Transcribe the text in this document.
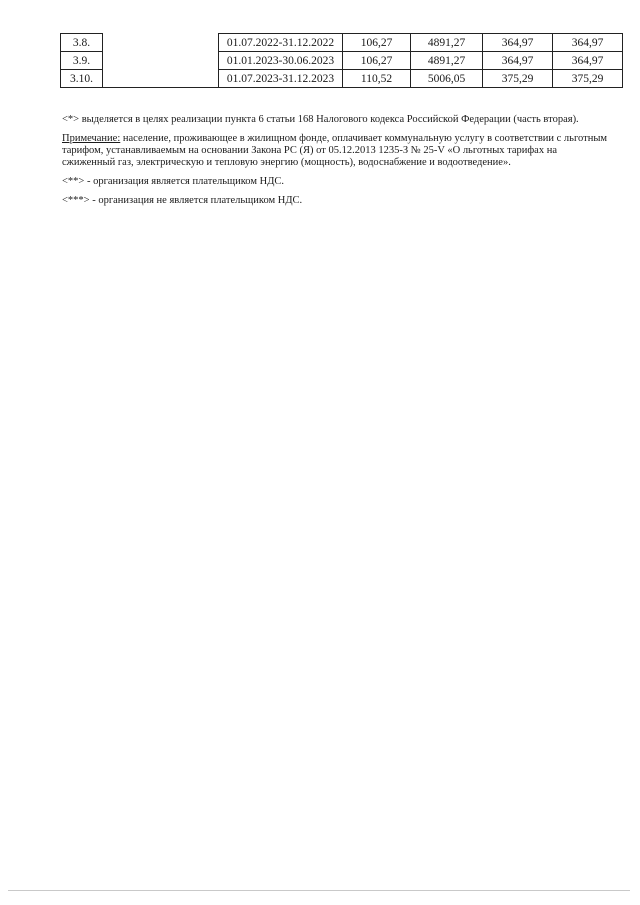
3.8.		01.07.2022-31.12.2022	106,27	4891,27	364,97	364,97
3.9.		01.01.2023-30.06.2023	106,27	4891,27	364,97	364,97
3.10.		01.07.2023-31.12.2023	110,52	5006,05	375,29	375,29

<*> выделяется в целях реализации пункта 6 статьи 168 Налогового кодекса Российской Федерации (часть вторая).

Примечание: население, проживающее в жилищном фонде, оплачивает коммунальную услугу в соответствии с льготным тарифом, устанавливаемым на основании Закона РС (Я) от 05.12.2013 1235-З № 25-V «О льготных тарифах на сжиженный газ, электрическую и тепловую энергию (мощность), водоснабжение и водоотведение».

<**> - организация является плательщиком НДС.

<***> - организация не является плательщиком НДС.
